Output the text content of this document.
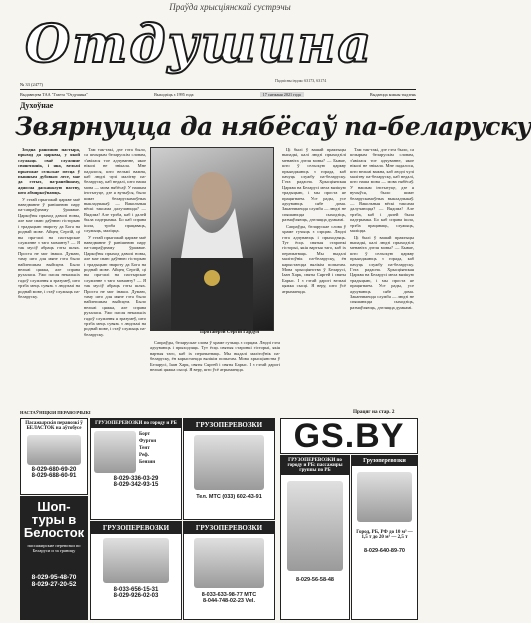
Праўда хрысціянскай сустрэчы
Отдушина
Падпісны індэкс 63173, 63174
№ 33 (2477)
Выдавецтва ТАА "Газета "Отдушина"	Выходзіць з 1995 года	17 снежаня 2021 года	Выдаецца кожны тыдзень
Духоўнае
Звярнуцца да нябёсаў па-беларуску

Згодна рашэнню пастыра, прыход да царквы, у якой служыць сваё служэнне свяшчэннік, і яна, вельмі прыгожае сельскае месца ў пышным дубовым лесе, мае да гэтых, па-ранейшаму, адносна дасканалую паству, што абмяркоўваюць.

У гэтай прыгожай царкве маё наведванне ў ранішнюю пару па-сапраўднаму ўражвае. Царкоўны прыход даволі новы, але мае сваю даўнюю гісторыю і традыцыю звароту да Бога на роднай мове. Айцец Сергій, ці вы пра-шлі на пастырскае служэнне з таго моманту? — Я так мусіў абраць гэты шлях. Проста не мог інакш. Думаю, таму што для мяне гэта было найлепшым выйсцем. Было вельмі цяжка, але справа рухалася. Ужо пасля некалькіх гадоў служэння я зразумеў, што трэба мець сувязь з людзьмі на роднай мове, і стаў служыць па-беларуску.

Там так-такі, дзе гэта было, са шчырым беларускім словам, з'явілася тое адчуванне, якое ніколі не знікала. Мне падалося, што вельмі важна, каб людзі чулі малітву па-беларуску, каб ведалі, што наша мова — мова нябёсаў. У нашым інстытуце, дзе я вучыўся, было шмат беларускамоўных выкладчыкаў. — Вакольныя вёскі таксама далучаюцца? — Вядома! Але трэба, каб і далей была падтрымка. Бо каб справа ішла, трэба працаваць, служыць, маліцца.

У гэтай прыгожай царкве маё наведванне ў ранішнюю пару па-сапраўднаму ўражвае. Царкоўны прыход даволі новы, але мае сваю даўнюю гісторыю і традыцыю звароту да Бога на роднай мове. Айцец Сергій, ці вы пра-шлі на пастырскае служэнне з таго моманту? — Я так мусіў абраць гэты шлях. Проста не мог інакш. Думаю, таму што для мяне гэта было найлепшым выйсцем. Было вельмі цяжка, але справа рухалася. Ужо пасля некалькіх гадоў служэння я зразумеў, што трэба мець сувязь з людзьмі на роднай мове, і стаў служыць па-беларуску.	Протаіерэй Сергій Гардун

Сапраўды, беларускае слова ў храме гучыць з сэрцам. Людзі гэта адчуваюць і прыходзяць. Тут ёсць святыя старонкі гісторыі, якія вартыя таго, каб іх перачытваць. Мы выдалі малітоўнік па-беларуску, ён карыстаецца вялікім попытам. Мова хрысціянства ў Беларусі, Іаан Харк, святы Сяргей і святы Барыс. І з гэтай дарогі вельмі цяжка сысці. Я веру, што ўсё атрымаецца.

Ці былі ў вашай практыцы выпадкі, калі людзі прыходзілі менавіта дзеля мовы? — Бывае, што ў сельскую царкву прыязджаюць з горада, каб пачуць службу па-беларуску. Гэта радасна. Хрысціянская Царква на Беларусі мела вялікую традыцыю, і мы проста яе працягваем. Усе рады, усе адчуваюць сябе дома. Заканчваецца служба — людзі не спяшаюцца сыходзіць, размаўляюць, дзеляцца думкамі.

Сапраўды, беларускае слова ў храме гучыць з сэрцам. Людзі гэта адчуваюць і прыходзяць. Тут ёсць святыя старонкі гісторыі, якія вартыя таго, каб іх перачытваць. Мы выдалі малітоўнік па-беларуску, ён карыстаецца вялікім попытам. Мова хрысціянства ў Беларусі, Іаан Харк, святы Сяргей і святы Барыс. І з гэтай дарогі вельмі цяжка сысці. Я веру, што ўсё атрымаецца.

Там так-такі, дзе гэта было, са шчырым беларускім словам, з'явілася тое адчуванне, якое ніколі не знікала. Мне падалося, што вельмі важна, каб людзі чулі малітву па-беларуску, каб ведалі, што наша мова — мова нябёсаў. У нашым інстытуце, дзе я вучыўся, было шмат беларускамоўных выкладчыкаў. — Вакольныя вёскі таксама далучаюцца? — Вядома! Але трэба, каб і далей была падтрымка. Бо каб справа ішла, трэба працаваць, служыць, маліцца.

Ці былі ў вашай практыцы выпадкі, калі людзі прыходзілі менавіта дзеля мовы? — Бывае, што ў сельскую царкву прыязджаюць з горада, каб пачуць службу па-беларуску. Гэта радасна. Хрысціянская Царква на Беларусі мела вялікую традыцыю, і мы проста яе працягваем. Усе рады, усе адчуваюць сябе дома. Заканчваецца служба — людзі не спяшаюцца сыходзіць, размаўляюць, дзеляцца думкамі.

Працяг на стар. 2
НАСТАЎНІЦКІЯ ПЕРАВОЗЧЫКІ
Пасажырскія перавозкі ў БЕЛАСТОК на аўтобусе
8-029-680-69-20
8-029-688-60-91
Шоп-туры в Белосток
пассажирские перевозки по Беларуси и за границу
8-029-95-48-70
8-029-27-20-52
ГРУЗОПЕРЕВОЗКИ по городу и РБ
Борт
Фургон
Тент
Реф.
Бензин
8-029-336-03-29
8-029-342-93-15
ГРУЗОПЕРЕВОЗКИ
8-033-656-15-31
8-029-926-02-03
ГРУЗОПЕРЕВОЗКИ
Тел. МТС (033) 602-43-91
ГРУЗОПЕРЕВОЗКИ
8-033-633-98-77 МТС
8-044-748-02-23 Vel.
GS.BY
ГРУЗОПЕРЕВОЗКИ по городу и РБ: пассажиры группы по РБ
8-029-56-58-48
Грузоперевозки
Город, РБ, РФ до 10 м³ — 1,5 т до 20 м³ — 2,5 т
8-029-640-89-70
